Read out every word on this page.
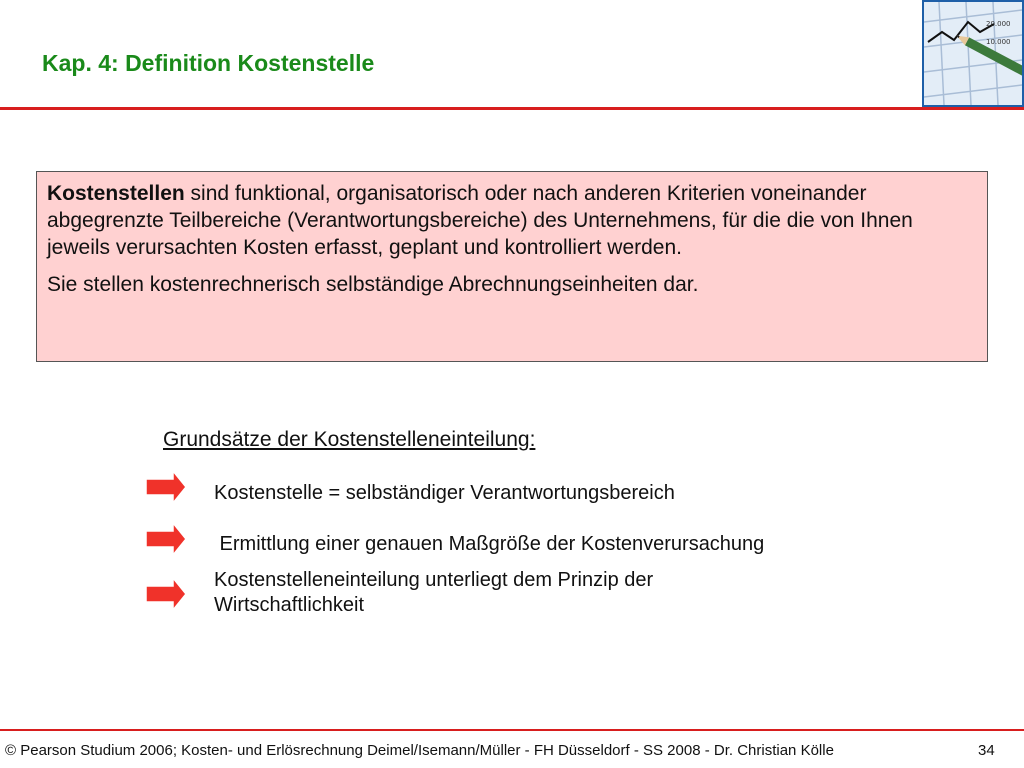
Kap. 4: Definition Kostenstelle
20.000
10.000

Kostenstellen sind funktional, organisatorisch oder nach anderen Kriterien voneinander abgegrenzte Teilbereiche (Verantwortungsbereiche) des Unternehmens, für die die von Ihnen jeweils verursachten Kosten erfasst, geplant und kontrolliert werden.

Sie stellen kostenrechnerisch selbständige Abrechnungseinheiten dar.

Grundsätze der Kostenstelleneinteilung:
Kostenstelle = selbständiger Verantwortungsbereich
Ermittlung einer genauen Maßgröße der Kostenverursachung
Kostenstelleneinteilung unterliegt dem Prinzip der Wirtschaftlichkeit
© Pearson Studium 2006; Kosten- und Erlösrechnung Deimel/Isemann/Müller - FH Düsseldorf - SS 2008 - Dr. Christian Kölle	34
